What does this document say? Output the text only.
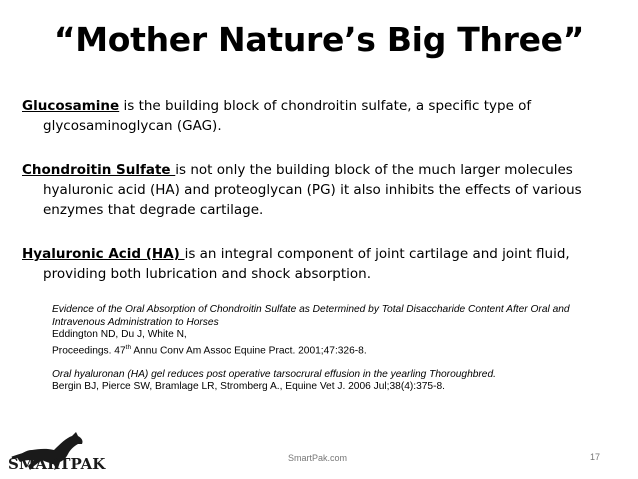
“Mother Nature’s Big Three”
Glucosamine is the building block of chondroitin sulfate, a specific type of glycosaminoglycan (GAG).
Chondroitin Sulfate is not only the building block of the much larger molecules hyaluronic acid (HA) and proteoglycan (PG) it also inhibits the effects of various enzymes that degrade cartilage.
Hyaluronic Acid (HA) is an integral component of joint cartilage and joint fluid, providing both lubrication and shock absorption.
Evidence of the Oral Absorption of Chondroitin Sulfate as Determined by Total Disaccharide Content After Oral and Intravenous Administration to Horses
Eddington ND, Du J, White N,
Proceedings. 47th Annu Conv Am Assoc Equine Pract. 2001;47:326-8.
Oral hyaluronan (HA) gel reduces post operative tarsocrural effusion in the yearling Thoroughbred.
Bergin BJ, Pierce SW, Bramlage LR, Stromberg A., Equine Vet J. 2006 Jul;38(4):375-8.
SMARTPAK	SmartPak.com	17
